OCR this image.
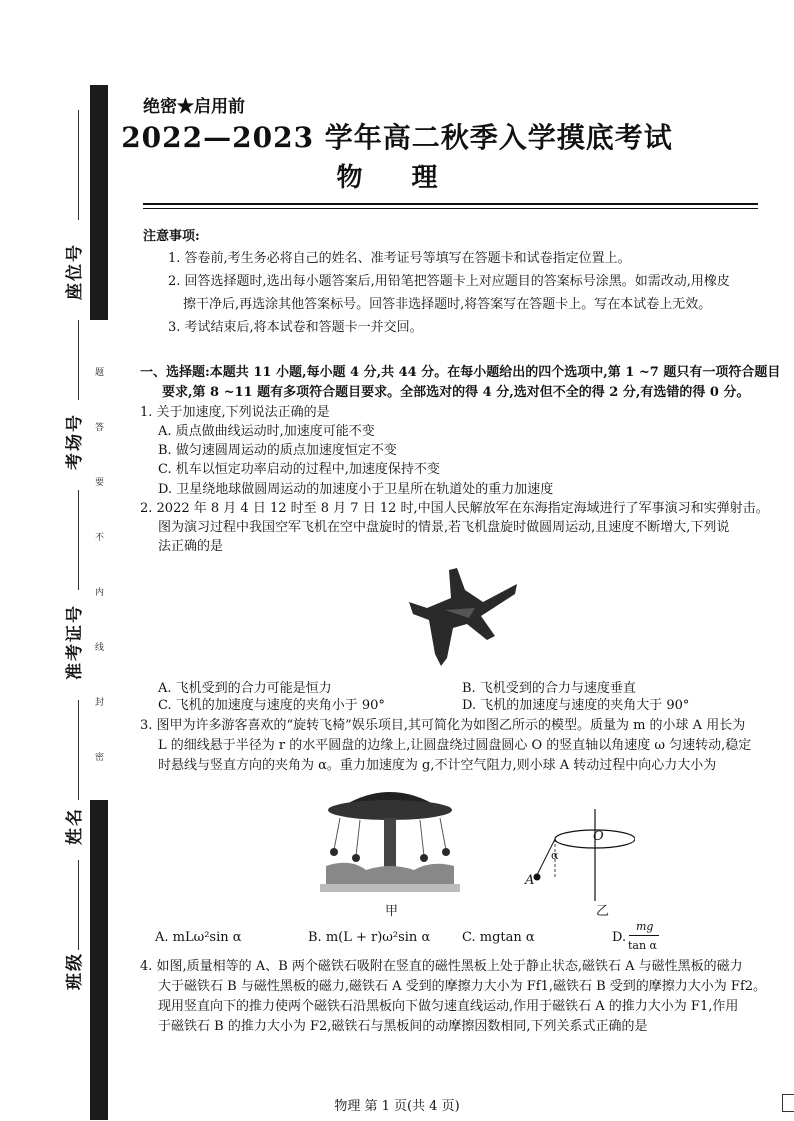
题
答
要
不
内
线
封
密
座位号
考场号
准考证号
姓名
班级
绝密★启用前
2022—2023 学年高二秋季入学摸底考试
物 理
注意事项:
1. 答卷前,考生务必将自己的姓名、准考证号等填写在答题卡和试卷指定位置上。
2. 回答选择题时,选出每小题答案后,用铅笔把答题卡上对应题目的答案标号涂黑。如需改动,用橡皮
擦干净后,再选涂其他答案标号。回答非选择题时,将答案写在答题卡上。写在本试卷上无效。
3. 考试结束后,将本试卷和答题卡一并交回。
一、选择题:本题共 11 小题,每小题 4 分,共 44 分。在每小题给出的四个选项中,第 1 ~7 题只有一项符合题目
要求,第 8 ~11 题有多项符合题目要求。全部选对的得 4 分,选对但不全的得 2 分,有选错的得 0 分。
1. 关于加速度,下列说法正确的是
A. 质点做曲线运动时,加速度可能不变
B. 做匀速圆周运动的质点加速度恒定不变
C. 机车以恒定功率启动的过程中,加速度保持不变
D. 卫星绕地球做圆周运动的加速度小于卫星所在轨道处的重力加速度
2. 2022 年 8 月 4 日 12 时至 8 月 7 日 12 时,中国人民解放军在东海指定海域进行了军事演习和实弹射击。
图为演习过程中我国空军飞机在空中盘旋时的情景,若飞机盘旋时做圆周运动,且速度不断增大,下列说
法正确的是
A. 飞机受到的合力可能是恒力	B. 飞机受到的合力与速度垂直
C. 飞机的加速度与速度的夹角小于 90°	D. 飞机的加速度与速度的夹角大于 90°
3. 图甲为许多游客喜欢的“旋转飞椅”娱乐项目,其可简化为如图乙所示的模型。质量为 m 的小球 A 用长为
L 的细线悬于半径为 r 的水平圆盘的边缘上,让圆盘绕过圆盘圆心 O 的竖直轴以角速度 ω 匀速转动,稳定
时悬线与竖直方向的夹角为 α。重力加速度为 g,不计空气阻力,则小球 A 转动过程中向心力大小为
甲
O
α
A
乙
A. mLω²sin α	B. m(L + r)ω²sin α C. mgtan α	D.
mg
tan α
4. 如图,质量相等的 A、B 两个磁铁石吸附在竖直的磁性黑板上处于静止状态,磁铁石 A 与磁性黑板的磁力
大于磁铁石 B 与磁性黑板的磁力,磁铁石 A 受到的摩擦力大小为 Ff1,磁铁石 B 受到的摩擦力大小为 Ff2。
现用竖直向下的推力使两个磁铁石沿黑板向下做匀速直线运动,作用于磁铁石 A 的推力大小为 F1,作用
于磁铁石 B 的推力大小为 F2,磁铁石与黑板间的动摩擦因数相同,下列关系式正确的是
物理 第 1 页(共 4 页)
